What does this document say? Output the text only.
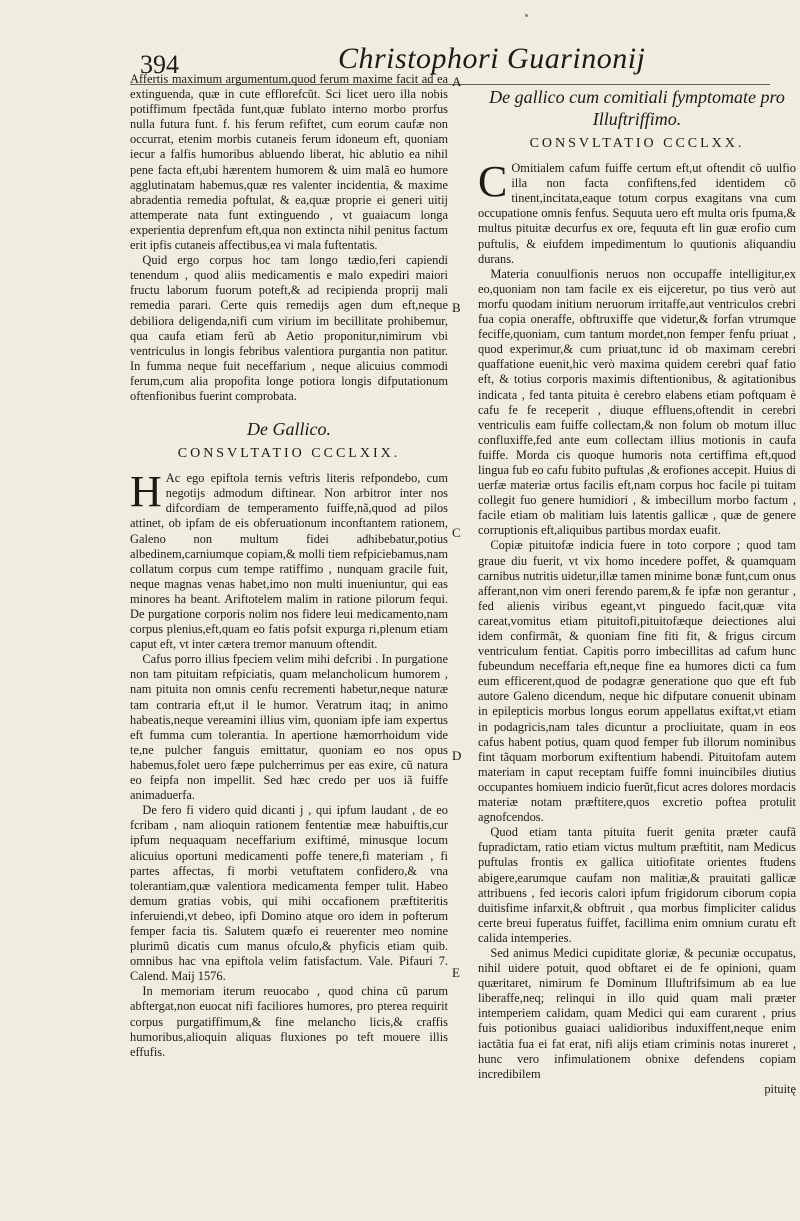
394	Christophori Guarinonij
A
B
C
D
E

Affertis maximum argumentum,quod ferum maxime facit ad ea extinguenda, quæ in cute efflorefcũt. Sci licet uero illa nobis potiffimum fpectãda funt,quæ fublato interno morbo prorfus nulla futura funt. f. his ferum refiftet, cum eorum caufæ non occurrat, etenim morbis cutaneis ferum idoneum eft, quoniam iecur a falfis humoribus abluendo liberat, hic ablutio ea nihil pene facta eft,ubi hærentem humorem & uim malã eo humore agglutinatam habemus,quæ res valenter incidentia, & maxime abradentia remedia poftulat, & ea,quæ proprie ei generi uitij attemperate nata funt extinguendo , vt guaiacum longa experientia deprenfum eft,qua non extincta nihil penitus factum erit ipfis cutaneis affectibus,ea vi mala fuftentatis.

Quid ergo corpus hoc tam longo tædio,feri capiendi tenendum , quod aliis medicamentis e malo expediri maiori fructu laborum fuorum poteft,& ad recipienda proprij mali remedia parari. Certe quis remedijs agen dum eft,neque debiliora deligenda,nifi cum virium im becillitate prohibemur, qua caufa etiam ferũ ab Aetio proponitur,nimirum vbi ventriculus in longis febribus valentiora purgantia non patitur. In fumma neque fuit neceffarium , neque alicuius commodi ferum,cum alia propofita longe potiora longis difputationum oftenfionibus fuerint comprobata.

De Gallico.
CONSVLTATIO CCCLXIX.

H Ac ego epiftola ternis veftris literis refpondebo, cum negotijs admodum diftinear. Non arbitror inter nos difcordiam de temperamento fuiffe,nã,quod ad pilos attinet, ob ipfam de eis obferuationum inconftantem rationem, Galeno non multum fidei adhibebatur,potius albedinem,carniumque copiam,& molli tiem refpiciebamus,nam collatum corpus cum tempe ratiffimo , nunquam gracile fuit, neque magnas venas habet,imo non multi inueniuntur, qui eas minores ha beant. Ariftotelem malim in ratione pilorum fequi. De purgatione corporis nolim nos fidere leui medicamento,nam corpus plenius,eft,quam eo fatis pofsit expurga ri,plenum etiam caput eft, vt inter cætera tremor manuum oftendit.

Cafus porro illius fpeciem velim mihi defcribi . In purgatione non tam pituitam refpiciatis, quam melancholicum humorem , nam pituita non omnis cenfu recrementi habetur,neque naturæ tam contraria eft,ut il le humor. Veratrum itaq; in animo habeatis,neque vereamini illius vim, quoniam ipfe iam expertus eft fumma cum tolerantia. In apertione hæmorrhoidum vide te,ne pulcher fanguis emittatur, quoniam eo nos opus habemus,folet uero fæpe pulcherrimus per eas exire, cũ natura eo feipfa non impellit. Sed hæc credo per uos iã fuiffe animaduerfa.

De fero fi videro quid dicanti j , qui ipfum laudant , de eo fcribam , nam alioquin rationem fententiæ meæ habuiftis,cur ipfum nequaquam neceffarium exiftimé, minusque locum alicuius oportuni medicamenti poffe tenere,fi materiam , fi partes affectas, fi morbi vetuftatem confidero,& vna tolerantiam,quæ valentiora medicamenta femper tulit. Habeo demum gratias vobis, qui mihi occafionem præftiteritis inferuiendi,vt debeo, ipfi Domino atque oro idem in pofterum femper facia tis. Salutem quæfo ei reuerenter meo nomine plurimũ dicatis cum manus ofculo,& phyficis etiam quib. omnibus hac vna epiftola velim fatisfactum. Vale. Pifauri 7. Calend. Maij 1576.

In memoriam iterum reuocabo , quod china cũ parum abftergat,non euocat nifi faciliores humores, pro pterea requirit corpus purgatiffimum,& fine melancho licis,& craffis humoribus,alioquin aliquas fluxiones po teft mouere illis effufis.

De gallico cum comitiali fymptomate pro Illuftriffimo.
CONSVLTATIO CCCLXX.

C Omitialem cafum fuiffe certum eft,ut oftendit cõ uulfio illa non facta confiftens,fed identidem cõ tinent,incitata,eaque totum corpus exagitans vna cum occupatione omnis fenfus. Sequuta uero eft multa oris fpuma,& multus pituitæ decurfus ex ore, fequuta eft lin guæ erofio cum puftulis, & eiufdem impedimentum lo quutionis aliquandiu durans.

Materia conuulfionis neruos non occupaffe intelligitur,ex eo,quoniam non tam facile ex eis eijceretur, po tius verò aut morfu quodam initium neruorum irritaffe,aut ventriculos crebri fua copia oneraffe, obftruxiffe que videtur,& forfan vtrumque feciffe,quoniam, cum tantum mordet,non femper fenfu priuat , quod experimur,& cum priuat,tunc id ob maximam cerebri quaffatione euenit,hic verò maxima quidem cerebri quaf fatio eft, & totius corporis maximis diftentionibus, & agitationibus indicata , fed tanta pituita è cerebro elabens etiam poftquam è cafu fe fe receperit , diuque effluens,oftendit in cerebri ventriculis eam fuiffe collectam,& non folum ob motum illuc confluxiffe,fed ante eum collectam illius motionis in caufa fuiffe. Morda cis quoque humoris nota certiffima eft,quod lingua fub eo cafu fubito puftulas ,& erofiones accepit. Huius di uerfæ materiæ ortus facilis eft,nam corpus hoc facile pi tuitam collegit fuo genere humidiori , & imbecillum morbo factum , facile etiam ob malitiam luis latentis gallicæ , quæ de genere corruptionis eft,aliquibus partibus mordax euafit.

Copiæ pituitofæ indicia fuere in toto corpore ; quod tam graue diu fuerit, vt vix homo incedere poffet, & quamquam carnibus nutritis uidetur,illæ tamen minime bonæ funt,cum onus afferant,non vim oneri ferendo parem,& fe ipfæ non gerantur , fed alienis viribus egeant,vt pinguedo facit,quæ vita careat,vomitus etiam pituitofi,pituitofæque deiectiones alui idem confirmãt, & quoniam fine fiti fit, & frigus circum ventriculum fentiat. Capitis porro imbecillitas ad cafum hunc fubeundum neceffaria eft,neque fine ea humores dicti ca fum eum efficerent,quod de podagræ generatione quo que eft fub autore Galeno dicendum, neque hic difputare conuenit ubinam in epilepticis morbus longus eorum appellatus exiftat,vt etiam in podagricis,nam tales dicuntur a procliuitate, quam in eos cafus habent potius, quam quod femper fub illorum nominibus fint tãquam morborum exiftentium habendi. Pituitofam autem materiam in caput receptam fuiffe fomni inuincibiles diutius occupantes homiuem indicio fuerũt,ficut acres dolores mordacis materiæ notam præftitere,quos excretio poftea protulit agnofcendos.

Quod etiam tanta pituita fuerit genita præter caufã fupradictam, ratio etiam victus multum præftitit, nam Medicus puftulas frontis ex gallica uitiofitate orientes ftudens abigere,earumque caufam non malitiæ,& prauitati gallicæ attribuens , fed iecoris calori ipfum frigidorum ciborum copia duitisfime infarxit,& obftruit , qua morbus fimpliciter calidus certe breui fuperatus fuiffet, facillima enim omnium curatu eft calida intemperies.

Sed animus Medici cupiditate gloriæ, & pecuniæ occupatus, nihil uidere potuit, quod obftaret ei de fe opinioni, quam quæritaret, nimirum fe Dominum Illuftrifsimum ab ea lue liberaffe,neq; relinqui in illo quid quam mali præter intemperiem calidam, quam Medici qui eam curarent , prius fuis potionibus guaiaci ualidioribus induxiffent,neque enim iactãtia fua ei fat erat, nifi alijs etiam criminis notas inureret , hunc vero infimulationem obnixe defendens copiam incredibilem

pituitę
